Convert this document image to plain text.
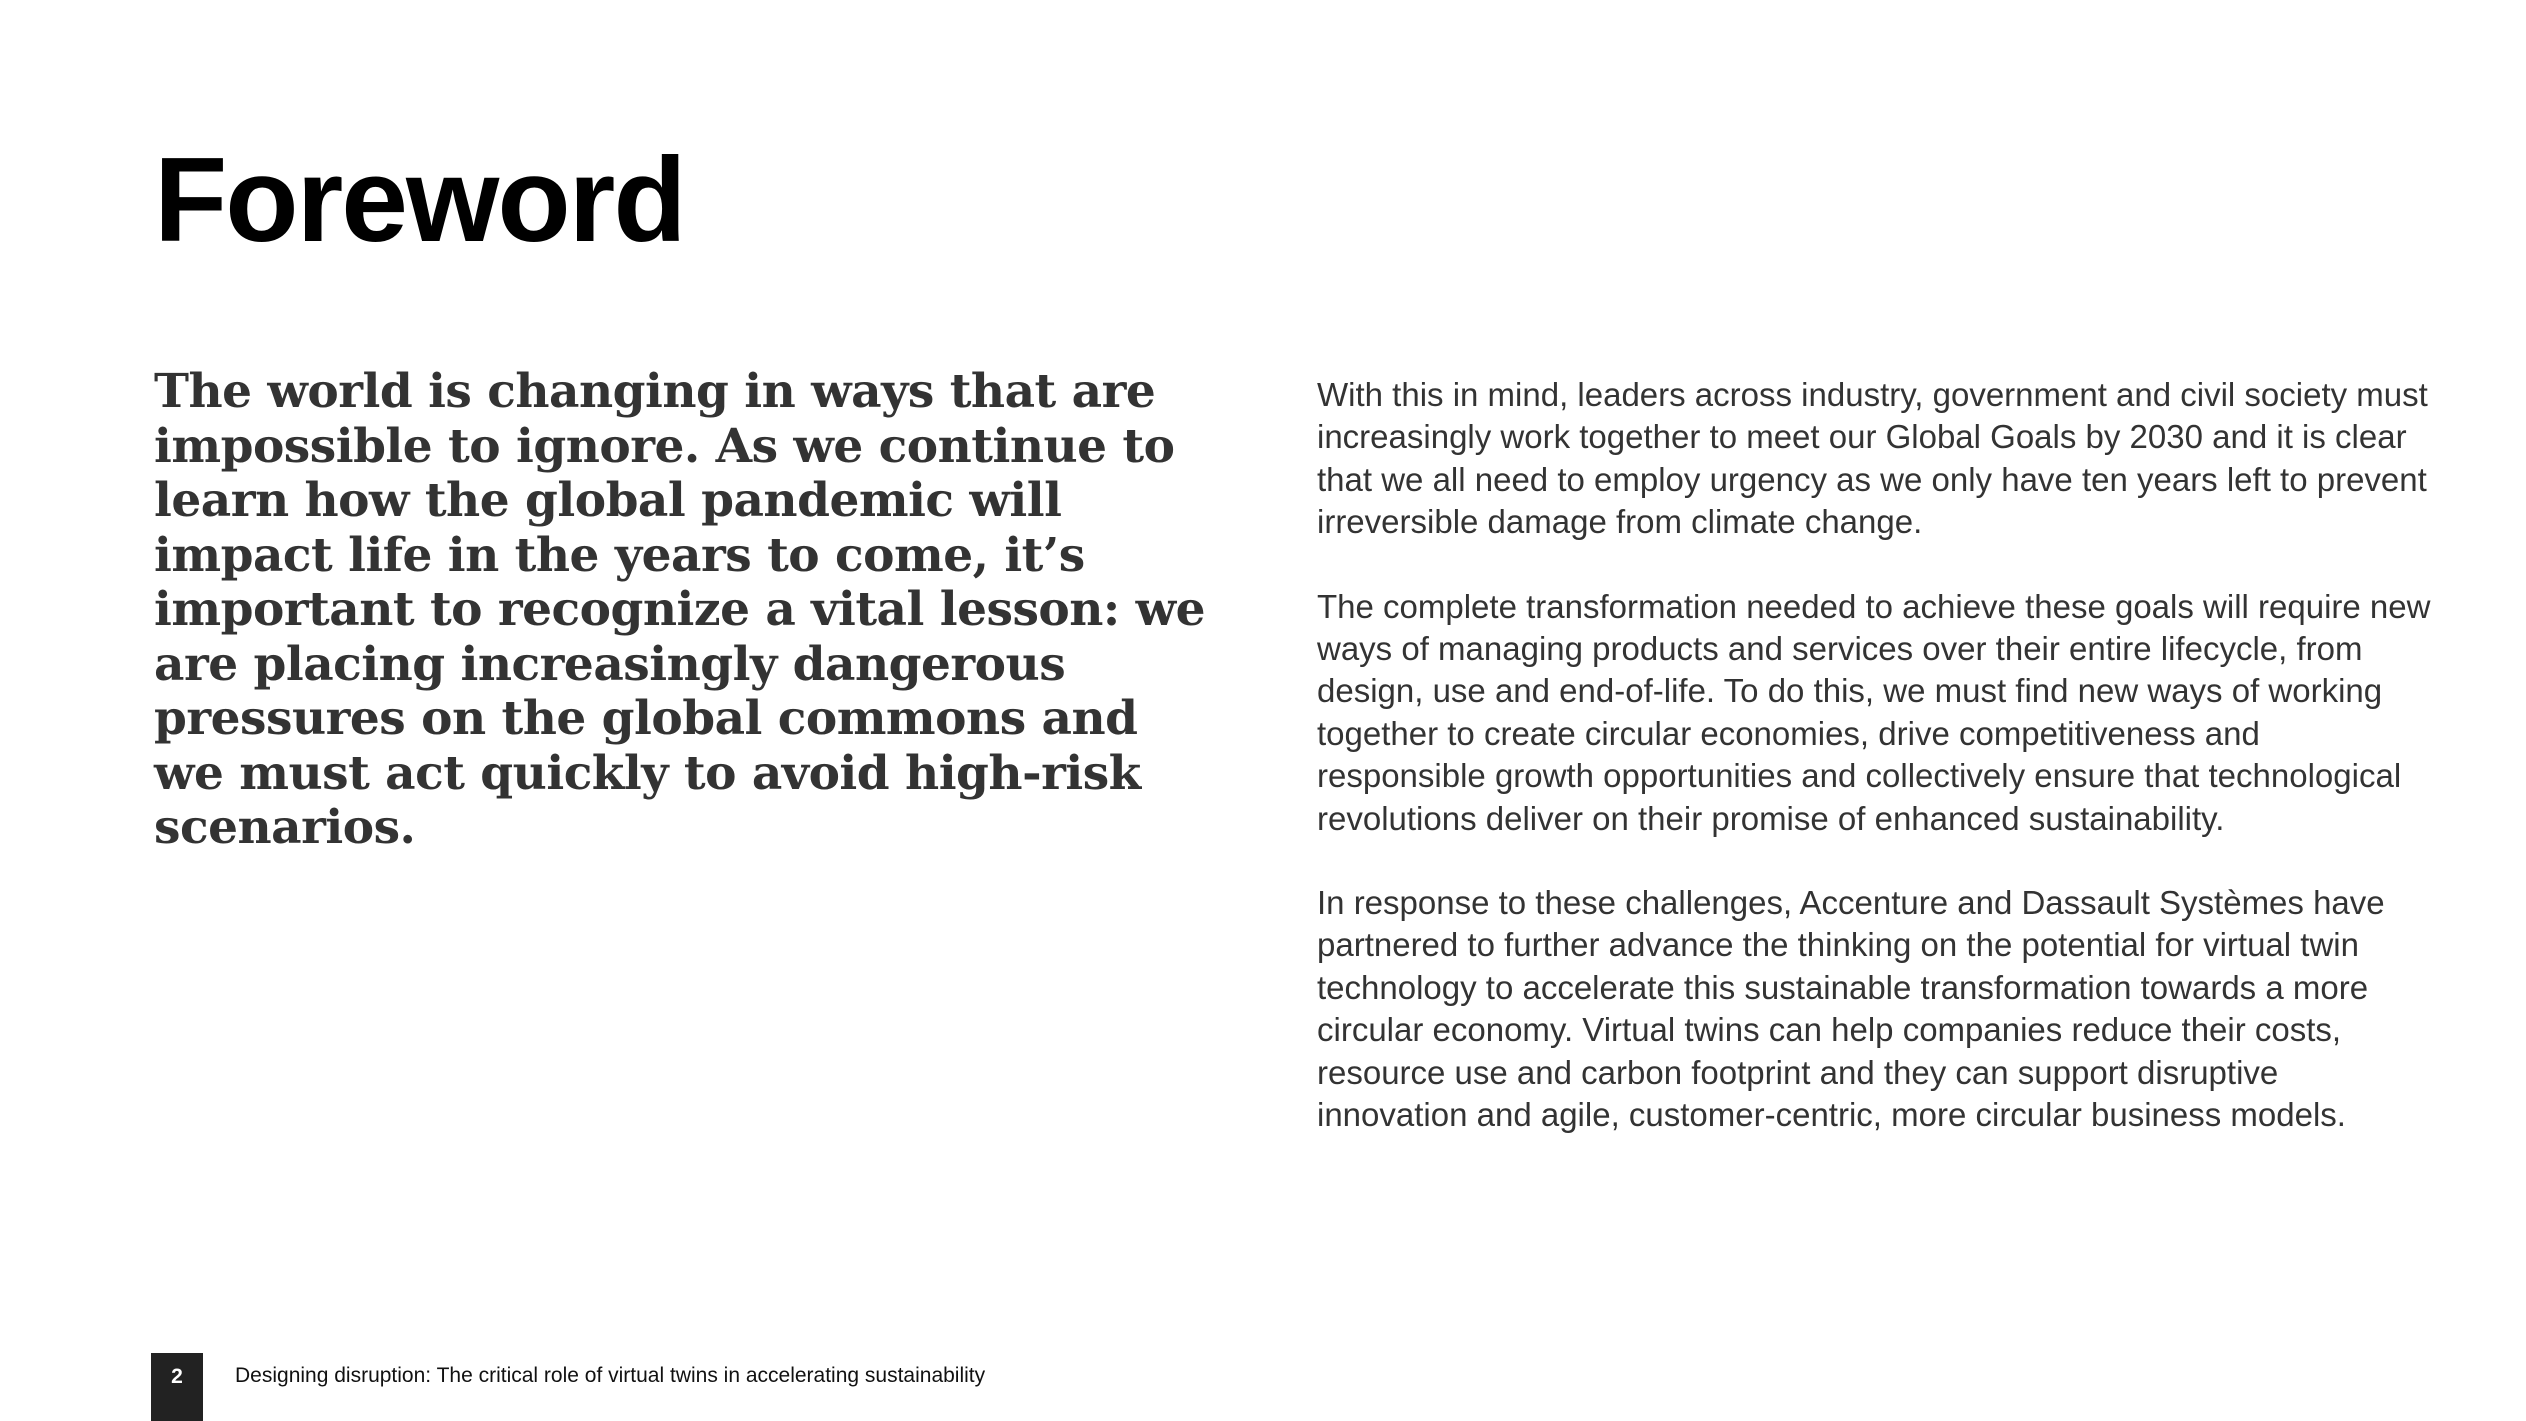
Foreword

The world is changing in ways that are impossible to ignore. As we continue to learn how the global pandemic will impact life in the years to come, it’s important to recognize a vital lesson: we are placing increasingly dangerous pressures on the global commons and we must act quickly to avoid high-risk scenarios.

With this in mind, leaders across industry, government and civil society must increasingly work together to meet our Global Goals by 2030 and it is clear that we all need to employ urgency as we only have ten years left to prevent irreversible damage from climate change.

The complete transformation needed to achieve these goals will require new ways of managing products and services over their entire lifecycle, from design, use and end-of-life. To do this, we must find new ways of working together to create circular economies, drive competitiveness and responsible growth opportunities and collectively ensure that technological revolutions deliver on their promise of enhanced sustainability.

In response to these challenges, Accenture and Dassault Systèmes have partnered to further advance the thinking on the potential for virtual twin technology to accelerate this sustainable transformation towards a more circular economy. Virtual twins can help companies reduce their costs, resource use and carbon footprint and they can support disruptive innovation and agile, customer-centric, more circular business models.

2	Designing disruption: The critical role of virtual twins in accelerating sustainability
